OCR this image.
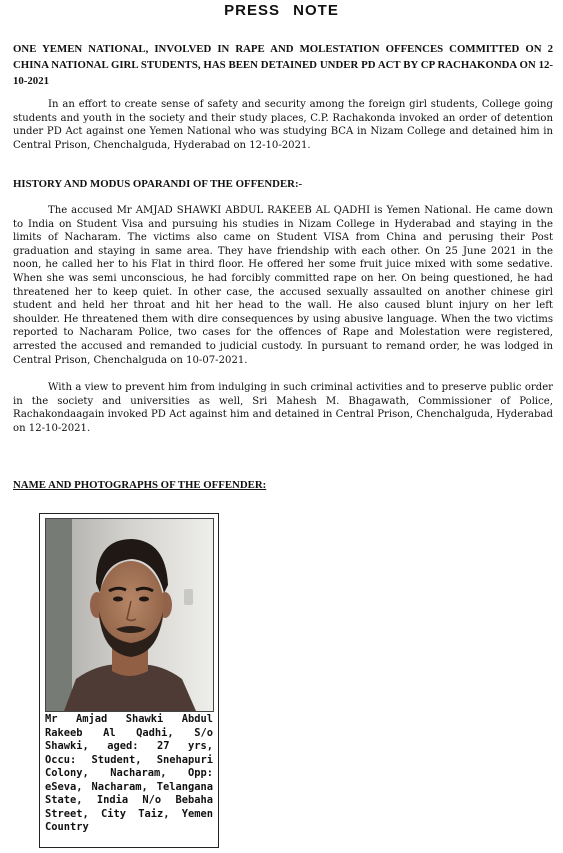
PRESS NOTE
ONE YEMEN NATIONAL, INVOLVED IN RAPE AND MOLESTATION OFFENCES COMMITTED ON 2 CHINA NATIONAL GIRL STUDENTS, HAS BEEN DETAINED UNDER PD ACT BY CP RACHAKONDA ON 12-10-2021
In an effort to create sense of safety and security among the foreign girl students, College going students and youth in the society and their study places, C.P. Rachakonda invoked an order of detention under PD Act against one Yemen National who was studying BCA in Nizam College and detained him in Central Prison, Chenchalguda, Hyderabad on 12-10-2021.
HISTORY AND MODUS OPARANDI OF THE OFFENDER:-
The accused Mr AMJAD SHAWKI ABDUL RAKEEB AL QADHI is Yemen National. He came down to India on Student Visa and pursuing his studies in Nizam College in Hyderabad and staying in the limits of Nacharam. The victims also came on Student VISA from China and perusing their Post graduation and staying in same area. They have friendship with each other. On 25 June 2021 in the noon, he called her to his Flat in third floor. He offered her some fruit juice mixed with some sedative. When she was semi unconscious, he had forcibly committed rape on her. On being questioned, he had threatened her to keep quiet. In other case, the accused sexually assaulted on another chinese girl student and held her throat and hit her head to the wall. He also caused blunt injury on her left shoulder. He threatened them with dire consequences by using abusive language. When the two victims reported to Nacharam Police, two cases for the offences of Rape and Molestation were registered, arrested the accused and remanded to judicial custody. In pursuant to remand order, he was lodged in Central Prison, Chenchalguda on 10-07-2021.
With a view to prevent him from indulging in such criminal activities and to preserve public order in the society and universities as well, Sri Mahesh M. Bhagawath, Commissioner of Police, Rachakondaagain invoked PD Act against him and detained in Central Prison, Chenchalguda, Hyderabad on 12-10-2021.
NAME AND PHOTOGRAPHS OF THE OFFENDER:
Mr Amjad Shawki Abdul Rakeeb Al Qadhi, S/o Shawki, aged: 27 yrs, Occu: Student, Snehapuri Colony, Nacharam, Opp: eSeva, Nacharam, Telangana State, India N/o Bebaha Street, City Taiz, Yemen Country
